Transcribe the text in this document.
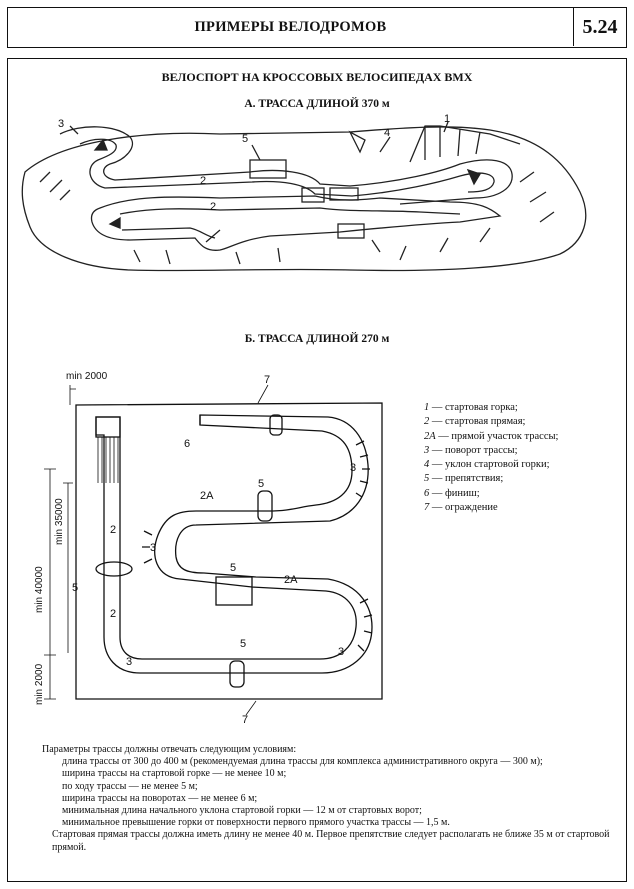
ПРИМЕРЫ ВЕЛОДРОМОВ	5.24
ВЕЛОСПОРТ НА КРОССОВЫХ ВЕЛОСИПЕДАХ ВМХ
А. ТРАССА ДЛИНОЙ 370 м
3
5	4
1
2
2
Б. ТРАССА ДЛИНОЙ 270 м
min 2000
min 40000
min 35000
min 2000
7
7
6
2
2
5
5
5
5
2А
2А
3
3
3
3
1 — стартовая горка;
2 — стартовая прямая;
2А — прямой участок трассы;
3 — поворот трассы;
4 — уклон стартовой горки;
5 — препятствия;
6 — финиш;
7 — ограждение
Параметры трассы должны отвечать следующим условиям:
длина трассы от 300 до 400 м (рекомендуемая длина трассы для комплекса административного округа — 300 м);
ширина трассы на стартовой горке — не менее 10 м;
по ходу трассы — не менее 5 м;
ширина трассы на поворотах — не менее 6 м;
минимальная длина начального уклона стартовой горки — 12 м от стартовых ворот;
минимальное превышение горки от поверхности первого прямого участка трассы — 1,5 м.
Стартовая прямая трассы должна иметь длину не менее 40 м. Первое препятствие следует располагать не ближе 35 м от стартовой прямой.
